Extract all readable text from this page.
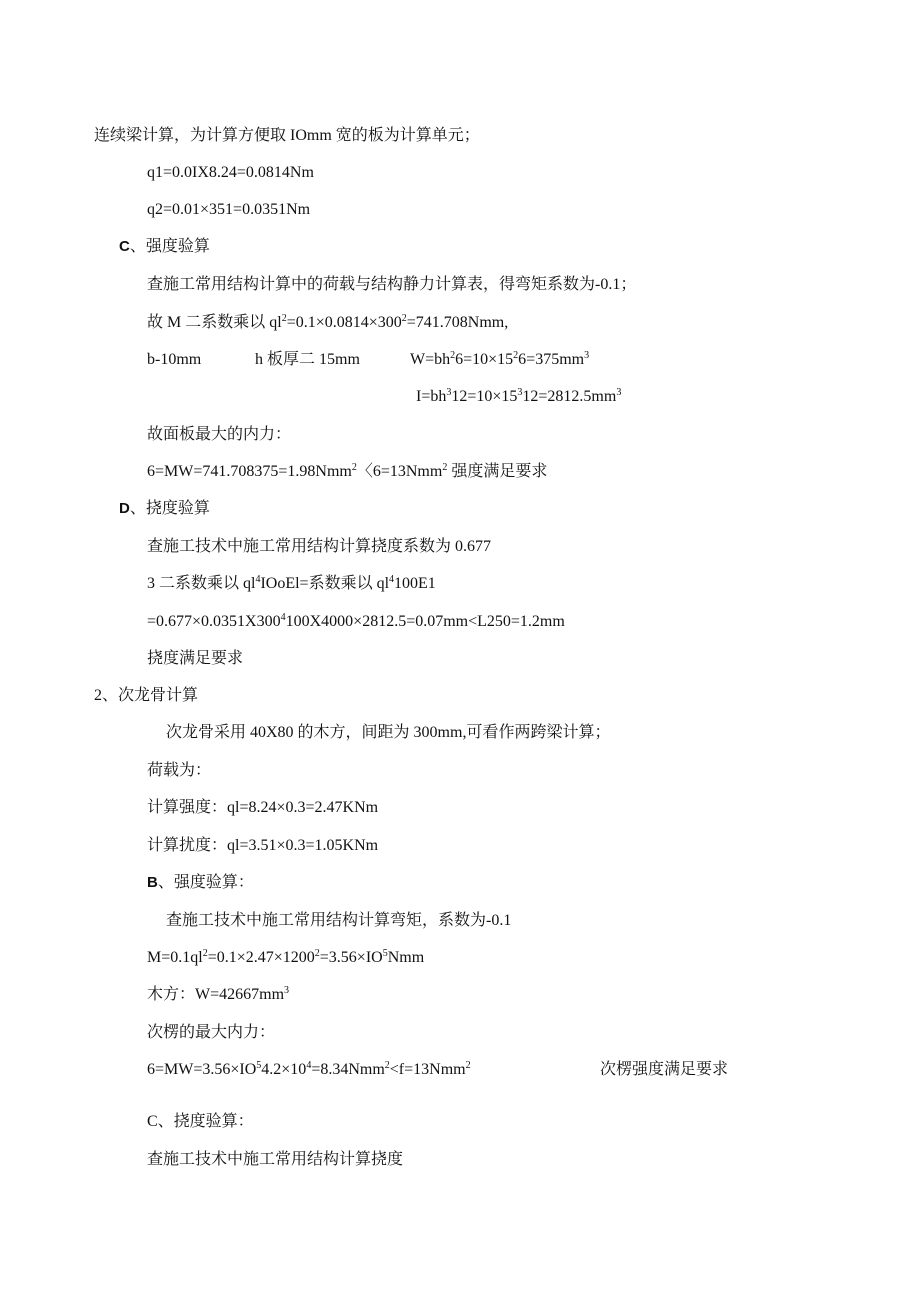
连续梁计算，为计算方便取 IOmm 宽的板为计算单元；
q1=0.0IX8.24=0.0814Nm
q2=0.01×351=0.0351Nm
C、强度验算
查施工常用结构计算中的荷载与结构静力计算表，得弯矩系数为-0.1；
故 M 二系数乘以 $ql^2=0.1\times 0.0814\times 300^2=741.708Nmm$,
b-10mm	h 板厚二 15mm	$W=bh^26=10\times 15^26=375mm^3$
$I=bh^312=10\times 15^312=2812.5mm^3$
故面板最大的内力：
6=MW=741.708375=1.98Nmm$^2$〈6=13Nmm$^2$ 强度满足要求
D、挠度验算
查施工技术中施工常用结构计算挠度系数为 0.677
3 二系数乘以 $ql^4IOoEl=$系数乘以 $ql^4100E1$
$=0.677\times 0.0351X300^4100X4000\times 2812.5=0.07mm<L250=1.2mm$
挠度满足要求
2、次龙骨计算
次龙骨采用 40X80 的木方，间距为 300mm,可看作两跨梁计算；
荷载为：
计算强度：ql=8.24×0.3=2.47KNm
计算扰度：ql=3.51×0.3=1.05KNm
B、强度验算：
查施工技术中施工常用结构计算弯矩，系数为-0.1
$M=0.1ql^2=0.1\times 2.47\times 1200^2=3.56\times IO^5Nmm$
木方：$W=42667mm^3$
次楞的最大内力：
$6=MW=3.56\times IO^54.2\times 10^4=8.34Nmm^2<f=13Nmm^2$	次楞强度满足要求
C、挠度验算：
查施工技术中施工常用结构计算挠度
